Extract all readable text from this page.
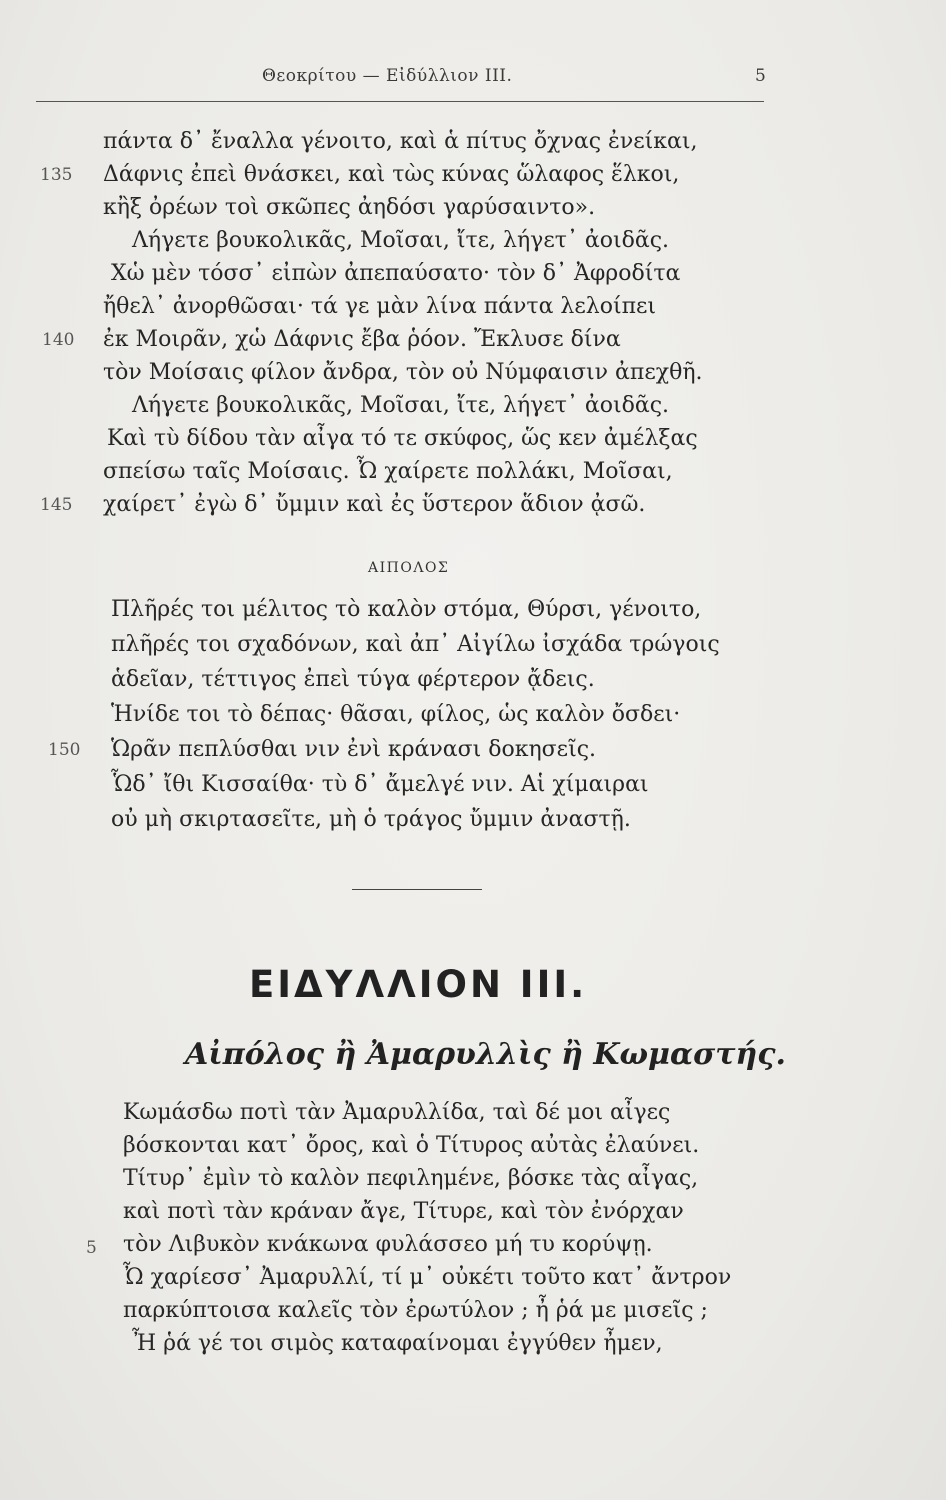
Θεοκρίτου — Εἰδύλλιον ΙΙΙ.	5
πάντα δ᾽ ἔναλλα γένοιτο, καὶ ἁ πίτυς ὄχνας ἐνείκαι,
135 Δάφνις ἐπεὶ θνάσκει, καὶ τὼς κύνας ὥλαφος ἕλκοι,
κἢξ ὀρέων τοὶ σκῶπες ἀηδόσι γαρύσαιντο».
Λήγετε βουκολικᾶς, Μοῖσαι, ἴτε, λήγετ᾽ ἀοιδᾶς.
Χὡ μὲν τόσσ᾽ εἰπὼν ἀπεπαύσατο· τὸν δ᾽ Ἀφροδίτα
ἤθελ᾽ ἀνορθῶσαι· τά γε μὰν λίνα πάντα λελοίπει
140 ἐκ Μοιρᾶν, χὡ Δάφνις ἔβα ῥόον. Ἔκλυσε δίνα
τὸν Μοίσαις φίλον ἄνδρα, τὸν οὐ Νύμφαισιν ἀπεχθῆ.
Λήγετε βουκολικᾶς, Μοῖσαι, ἴτε, λήγετ᾽ ἀοιδᾶς.
Καὶ τὺ δίδου τὰν αἶγα τό τε σκύφος, ὥς κεν ἀμέλξας
σπείσω ταῖς Μοίσαις. Ὦ χαίρετε πολλάκι, Μοῖσαι,
145 χαίρετ᾽ ἐγὼ δ᾽ ὔμμιν καὶ ἐς ὕστερον ἅδιον ᾀσῶ.
ΑΙΠΟΛΟΣ
Πλῆρές τοι μέλιτος τὸ καλὸν στόμα, Θύρσι, γένοιτο,
πλῆρές τοι σχαδόνων, καὶ ἀπ᾽ Αἰγίλω ἰσχάδα τρώγοις
ἁδεῖαν, τέττιγος ἐπεὶ τύγα φέρτερον ᾄδεις.
Ἡνίδε τοι τὸ δέπας· θᾶσαι, φίλος, ὡς καλὸν ὄσδει·
150 Ὡρᾶν πεπλύσθαι νιν ἐνὶ κράνασι δοκησεῖς.
Ὧδ᾽ ἴθι Κισσαίθα· τὺ δ᾽ ἄμελγέ νιν. Αἱ χίμαιραι
οὐ μὴ σκιρτασεῖτε, μὴ ὁ τράγος ὔμμιν ἀναστῇ.
ΕΙΔΥΛΛΙΟΝ ΙΙΙ.
Αἰπόλος ἢ Ἀμαρυλλὶς ἢ Κωμαστής.
Κωμάσδω ποτὶ τὰν Ἀμαρυλλίδα, ταὶ δέ μοι αἶγες
βόσκονται κατ᾽ ὄρος, καὶ ὁ Τίτυρος αὐτὰς ἐλαύνει.
Τίτυρ᾽ ἐμὶν τὸ καλὸν πεφιλημένε, βόσκε τὰς αἶγας,
καὶ ποτὶ τὰν κράναν ἄγε, Τίτυρε, καὶ τὸν ἐνόρχαν
5 τὸν Λιβυκὸν κνάκωνα φυλάσσεο μή τυ κορύψῃ.
Ὦ χαρίεσσ᾽ Ἀμαρυλλί, τί μ᾽ οὐκέτι τοῦτο κατ᾽ ἄντρον
παρκύπτοισα καλεῖς τὸν ἐρωτύλον ; ἦ ῥά με μισεῖς ;
Ἦ ῥά γέ τοι σιμὸς καταφαίνομαι ἐγγύθεν ἦμεν,
